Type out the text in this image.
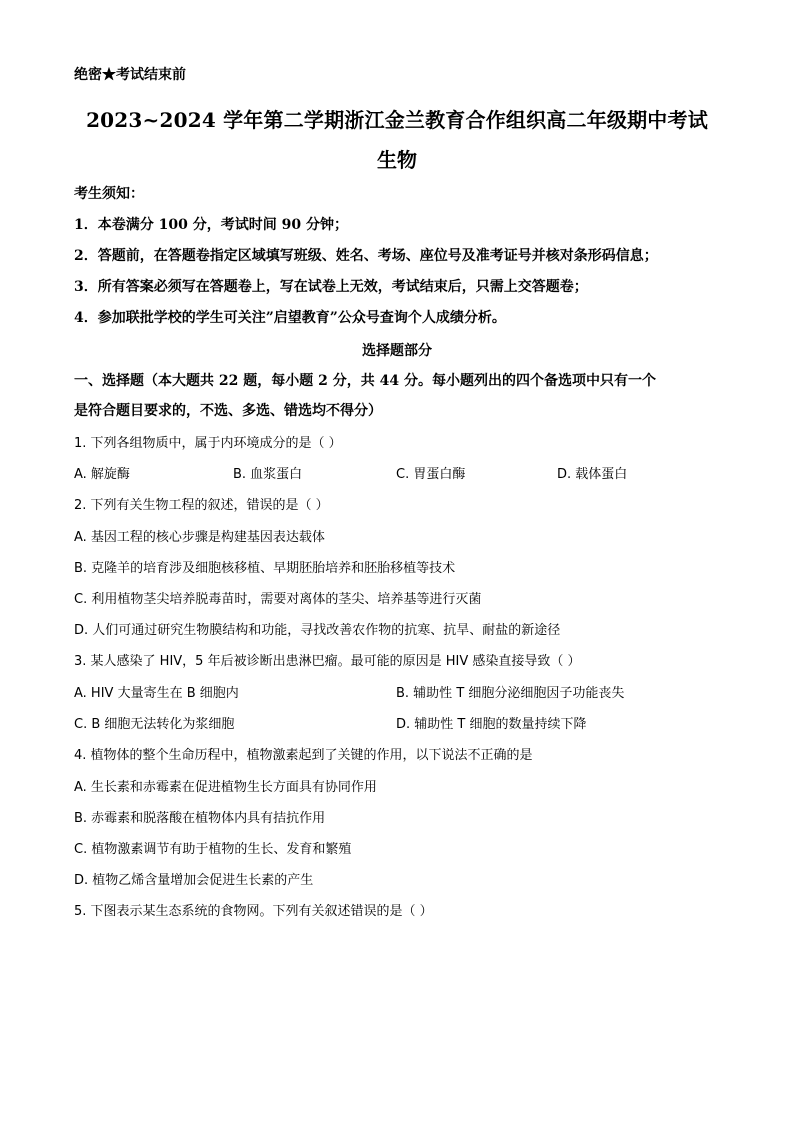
绝密★考试结束前
2023~2024 学年第二学期浙江金兰教育合作组织高二年级期中考试
生物
考生须知：
1．本卷满分 100 分，考试时间 90 分钟；
2．答题前，在答题卷指定区域填写班级、姓名、考场、座位号及准考证号并核对条形码信息；
3．所有答案必须写在答题卷上，写在试卷上无效，考试结束后，只需上交答题卷；
4．参加联批学校的学生可关注”启望教育”公众号查询个人成绩分析。
选择题部分
一、选择题（本大题共 22 题，每小题 2 分，共 44 分。每小题列出的四个备选项中只有一个
是符合题目要求的，不选、多选、错选均不得分）
1. 下列各组物质中，属于内环境成分的是（ ）
A. 解旋酶	B. 血浆蛋白	C. 胃蛋白酶	D. 载体蛋白
2. 下列有关生物工程的叙述，错误的是（ ）
A. 基因工程的核心步骤是构建基因表达载体
B. 克隆羊的培育涉及细胞核移植、早期胚胎培养和胚胎移植等技术
C. 利用植物茎尖培养脱毒苗时，需要对离体的茎尖、培养基等进行灭菌
D. 人们可通过研究生物膜结构和功能，寻找改善农作物的抗寒、抗旱、耐盐的新途径
3. 某人感染了 HIV，5 年后被诊断出患淋巴瘤。最可能的原因是 HIV 感染直接导致（ ）
A. HIV 大量寄生在 B 细胞内	B. 辅助性 T 细胞分泌细胞因子功能丧失
C. B 细胞无法转化为浆细胞	D. 辅助性 T 细胞的数量持续下降
4. 植物体的整个生命历程中，植物激素起到了关键的作用，以下说法不正确的是
A. 生长素和赤霉素在促进植物生长方面具有协同作用
B. 赤霉素和脱落酸在植物体内具有拮抗作用
C. 植物激素调节有助于植物的生长、发育和繁殖
D. 植物乙烯含量增加会促进生长素的产生
5. 下图表示某生态系统的食物网。下列有关叙述错误的是（ ）
